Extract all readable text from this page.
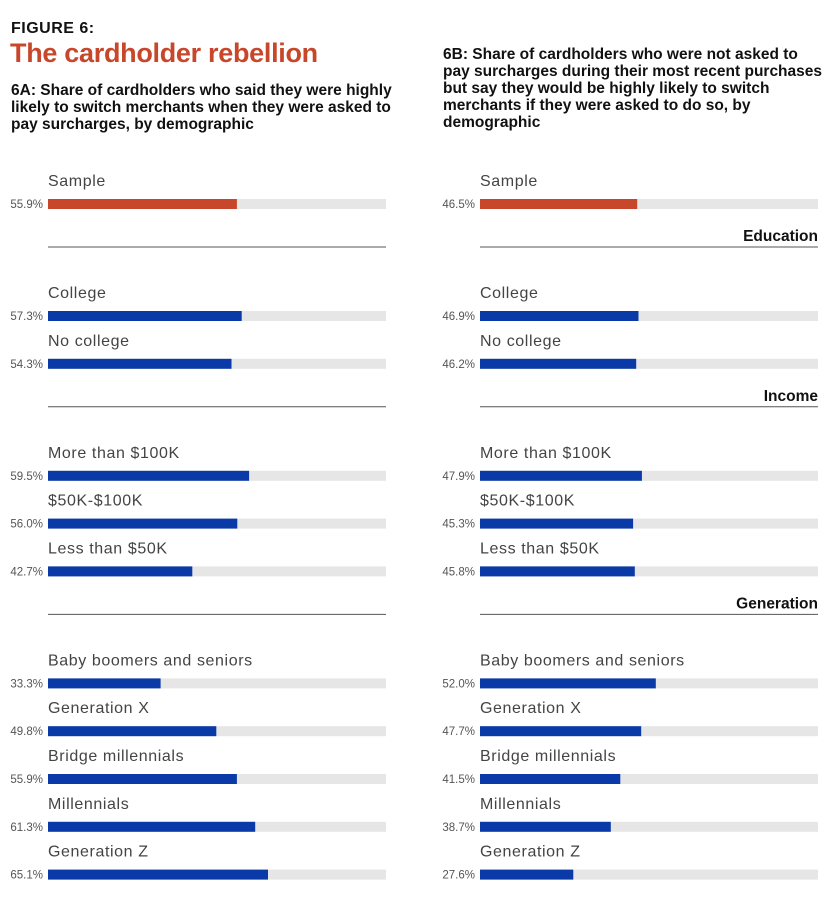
FIGURE 6:
The cardholder rebellion
6A: Share of cardholders who said they were highly likely to switch merchants when they were asked to pay surcharges, by demographic
6B: Share of cardholders who were not asked to pay surcharges during their most recent purchases but say they would be highly likely to switch merchants if they were asked to do so, by demographic
Sample
55.9%
College
57.3%
No college
54.3%
More than $100K
59.5%
$50K-$100K
56.0%
Less than $50K
42.7%
Baby boomers and seniors
33.3%
Generation X
49.8%
Bridge millennials
55.9%
Millennials
61.3%
Generation Z
65.1%
Sample
46.5%
Education
College
46.9%
No college
46.2%
Income
More than $100K
47.9%
$50K-$100K
45.3%
Less than $50K
45.8%
Generation
Baby boomers and seniors
52.0%
Generation X
47.7%
Bridge millennials
41.5%
Millennials
38.7%
Generation Z
27.6%
